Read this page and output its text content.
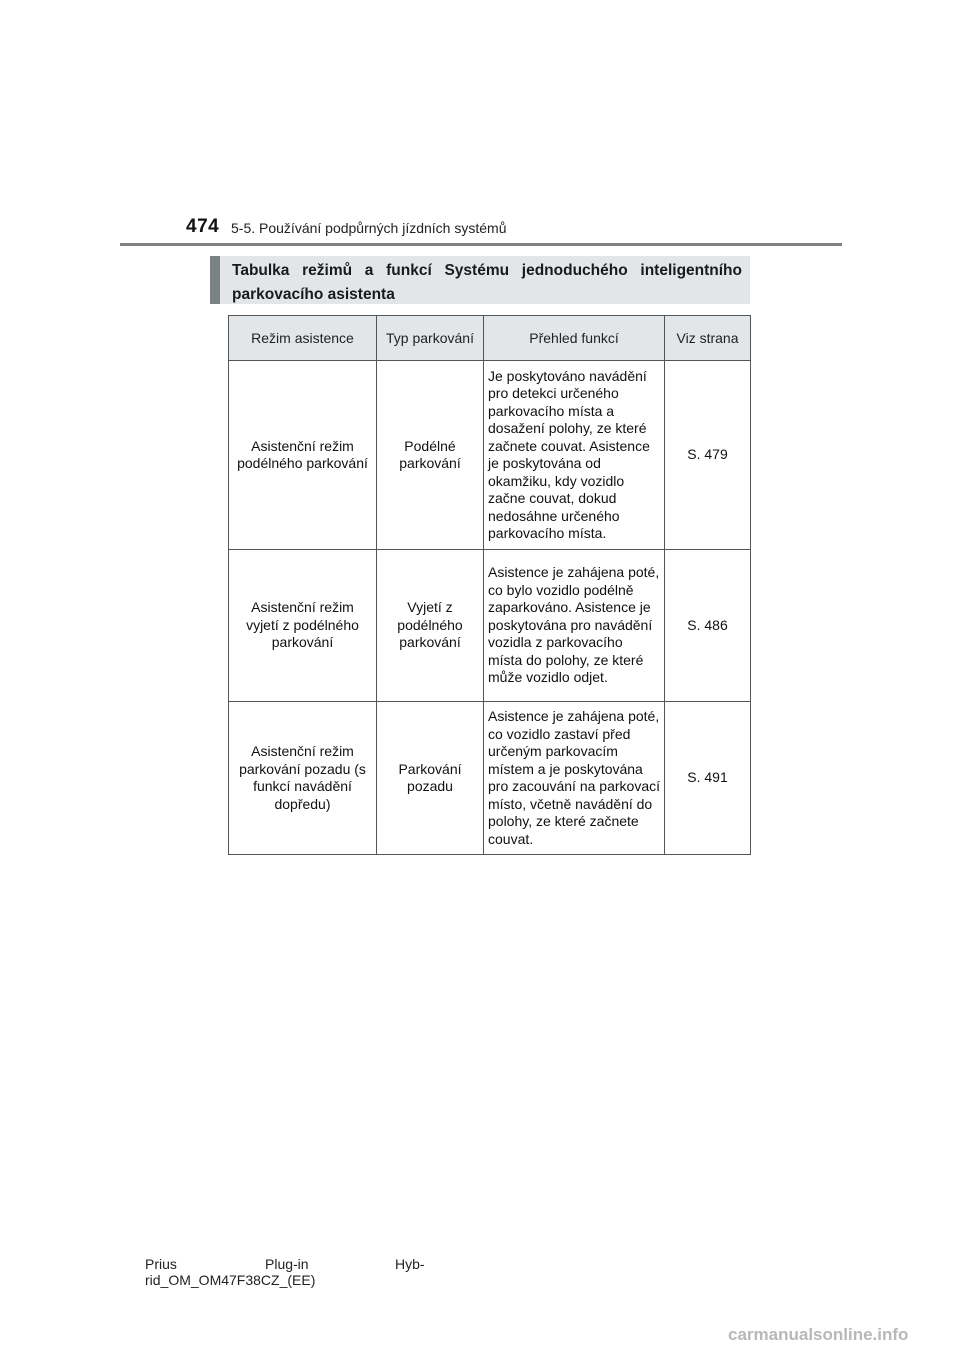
474 5-5. Používání podpůrných jízdních systémů
Tabulka režimů a funkcí Systému jednoduchého inteligentního parkovacího asistenta
Režim asistence	Typ parkování	Přehled funkcí	Viz strana
Asistenční režim podélného parkování	Podélné parkování	Je poskytováno navádění pro detekci určeného parkovacího místa a dosažení polohy, ze které začnete couvat. Asistence je poskytována od okamžiku, kdy vozidlo začne couvat, dokud nedosáhne určeného parkovacího místa.	S. 479
Asistenční režim vyjetí z podélného parkování	Vyjetí z podélného parkování	Asistence je zahájena poté, co bylo vozidlo podélně zaparkováno. Asistence je poskytována pro navádění vozidla z parkovacího místa do polohy, ze které může vozidlo odjet.	S. 486
Asistenční režim parkování pozadu (s funkcí navádění dopředu)	Parkování pozadu	Asistence je zahájena poté, co vozidlo zastaví před určeným parkovacím místem a je poskytována pro zacouvání na parkovací místo, včetně navádění do polohy, ze které začnete couvat.	S. 491
Prius	Plug-in	Hyb-
rid_OM_OM47F38CZ_(EE)
carmanualsonline.info
